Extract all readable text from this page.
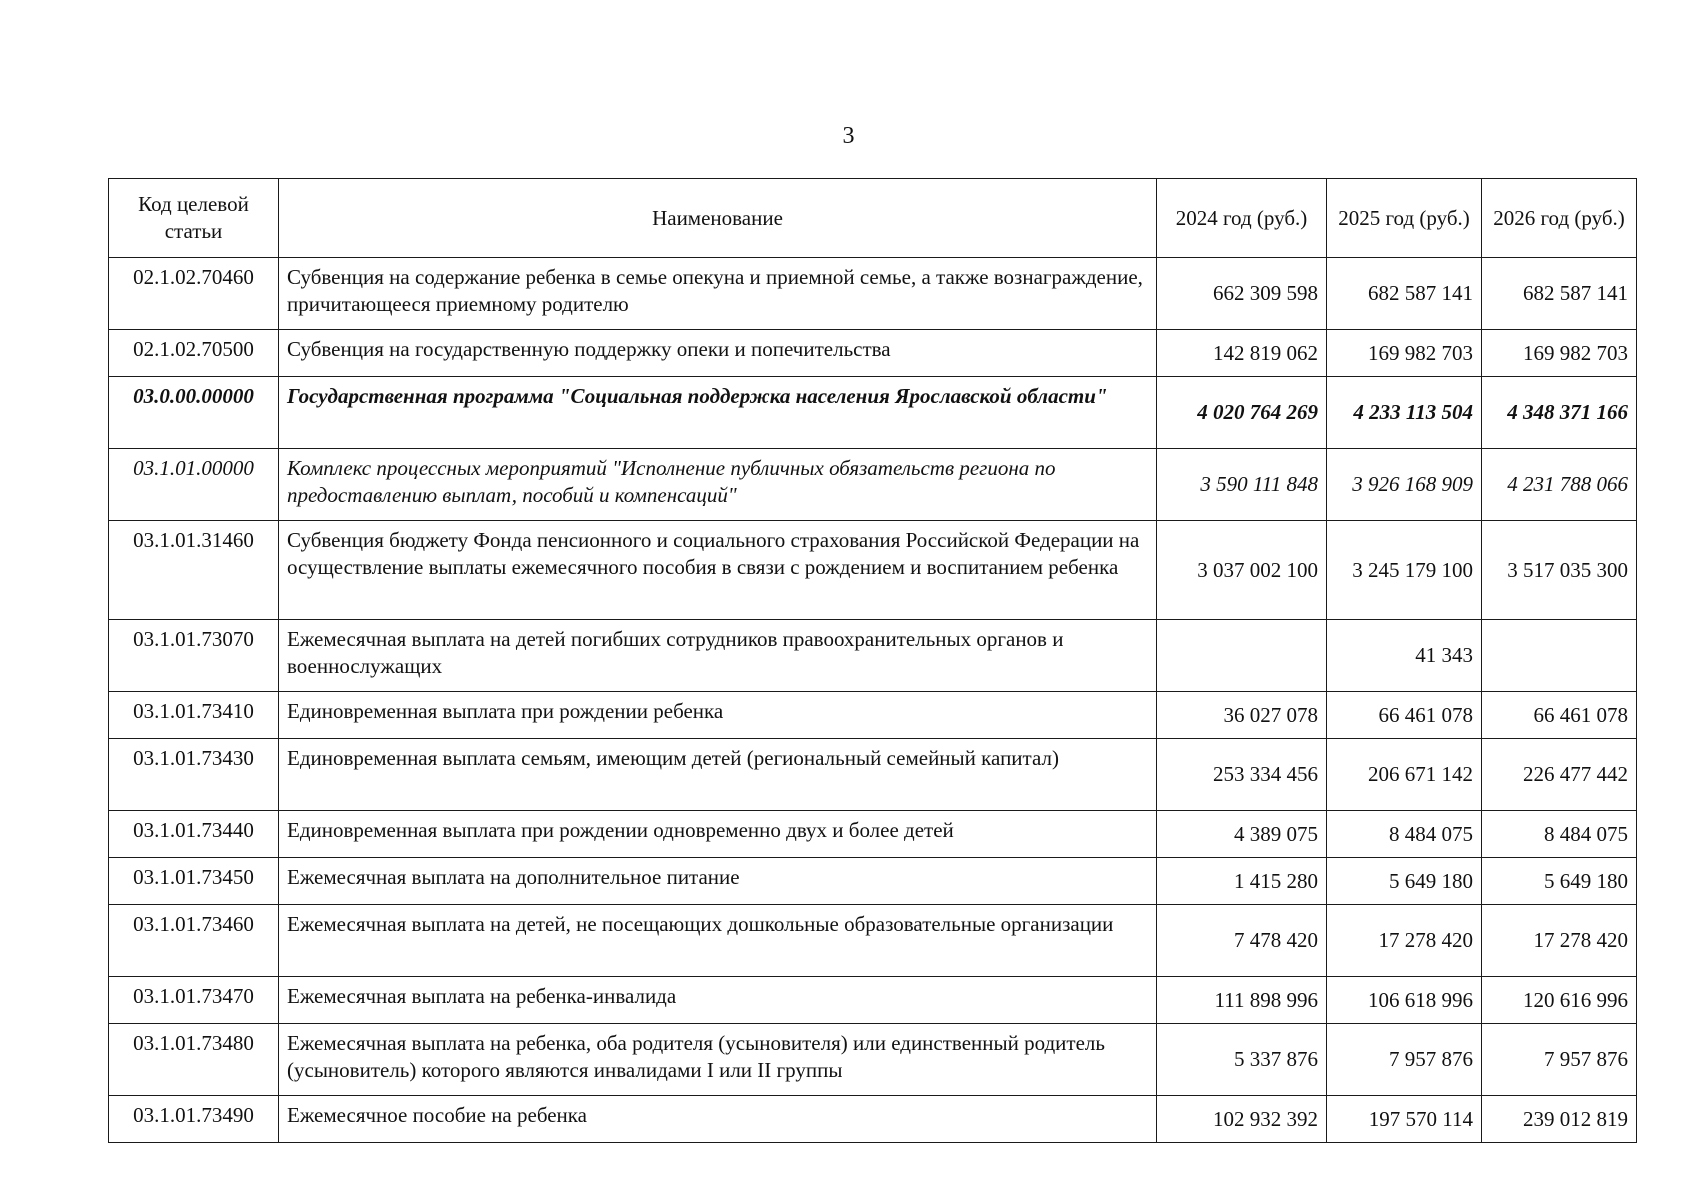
3
Код целевой статьи	Наименование	2024 год (руб.)	2025 год (руб.)	2026 год (руб.)
02.1.02.70460	Субвенция на содержание ребенка в семье опекуна и приемной семье, а также вознаграждение, причитающееся приемному родителю	662 309 598	682 587 141	682 587 141
02.1.02.70500	Субвенция на государственную поддержку опеки и попечительства	142 819 062	169 982 703	169 982 703
03.0.00.00000	Государственная программа "Социальная поддержка населения Ярославской области"	4 020 764 269	4 233 113 504	4 348 371 166
03.1.01.00000	Комплекс процессных мероприятий "Исполнение публичных обязательств региона по предоставлению выплат, пособий и компенсаций"	3 590 111 848	3 926 168 909	4 231 788 066
03.1.01.31460	Субвенция бюджету Фонда пенсионного и социального страхования Российской Федерации на осуществление выплаты ежемесячного пособия в связи с рождением и воспитанием ребенка	3 037 002 100	3 245 179 100	3 517 035 300
03.1.01.73070	Ежемесячная выплата на детей погибших сотрудников правоохранительных органов и военнослужащих		41 343	
03.1.01.73410	Единовременная выплата при рождении ребенка	36 027 078	66 461 078	66 461 078
03.1.01.73430	Единовременная выплата семьям, имеющим детей (региональный семейный капитал)	253 334 456	206 671 142	226 477 442
03.1.01.73440	Единовременная выплата при рождении одновременно двух и более детей	4 389 075	8 484 075	8 484 075
03.1.01.73450	Ежемесячная выплата на дополнительное питание	1 415 280	5 649 180	5 649 180
03.1.01.73460	Ежемесячная выплата на детей, не посещающих дошкольные образовательные организации	7 478 420	17 278 420	17 278 420
03.1.01.73470	Ежемесячная выплата на ребенка-инвалида	111 898 996	106 618 996	120 616 996
03.1.01.73480	Ежемесячная выплата на ребенка, оба родителя (усыновителя) или единственный родитель (усыновитель) которого являются инвалидами I или II группы	5 337 876	7 957 876	7 957 876
03.1.01.73490	Ежемесячное пособие на ребенка	102 932 392	197 570 114	239 012 819
